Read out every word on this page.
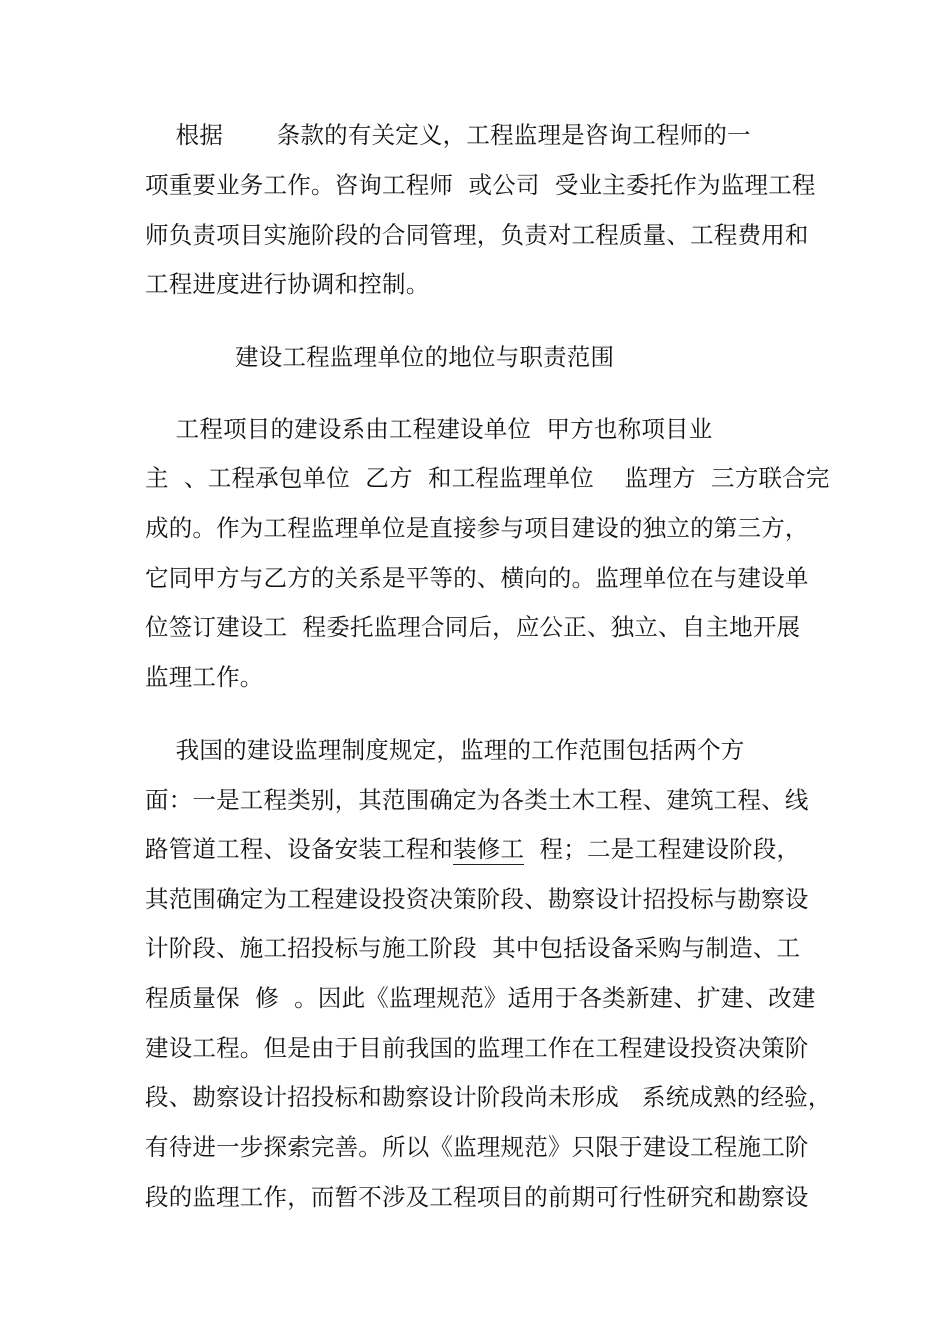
根据       条款的有关定义，工程监理是咨询工程师的一
项重要业务工作。咨询工程师  或公司  受业主委托作为监理工程
师负责项目实施阶段的合同管理，负责对工程质量、工程费用和
工程进度进行协调和控制。
建设工程监理单位的地位与职责范围
工程项目的建设系由工程建设单位  甲方也称项目业
主  、工程承包单位  乙方  和工程监理单位    监理方  三方联合完
成的。作为工程监理单位是直接参与项目建设的独立的第三方，
它同甲方与乙方的关系是平等的、横向的。监理单位在与建设单
位签订建设工  程委托监理合同后，应公正、独立、自主地开展
监理工作。
我国的建设监理制度规定，监理的工作范围包括两个方
面：一是工程类别，其范围确定为各类土木工程、建筑工程、线
路管道工程、设备安装工程和装修工  程；二是工程建设阶段，
其范围确定为工程建设投资决策阶段、勘察设计招投标与勘察设
计阶段、施工招投标与施工阶段  其中包括设备采购与制造、工
程质量保  修  。因此《监理规范》适用于各类新建、扩建、改建
建设工程。但是由于目前我国的监理工作在工程建设投资决策阶
段、勘察设计招投标和勘察设计阶段尚未形成   系统成熟的经验，
有待进一步探索完善。所以《监理规范》只限于建设工程施工阶
段的监理工作，而暂不涉及工程项目的前期可行性研究和勘察设
